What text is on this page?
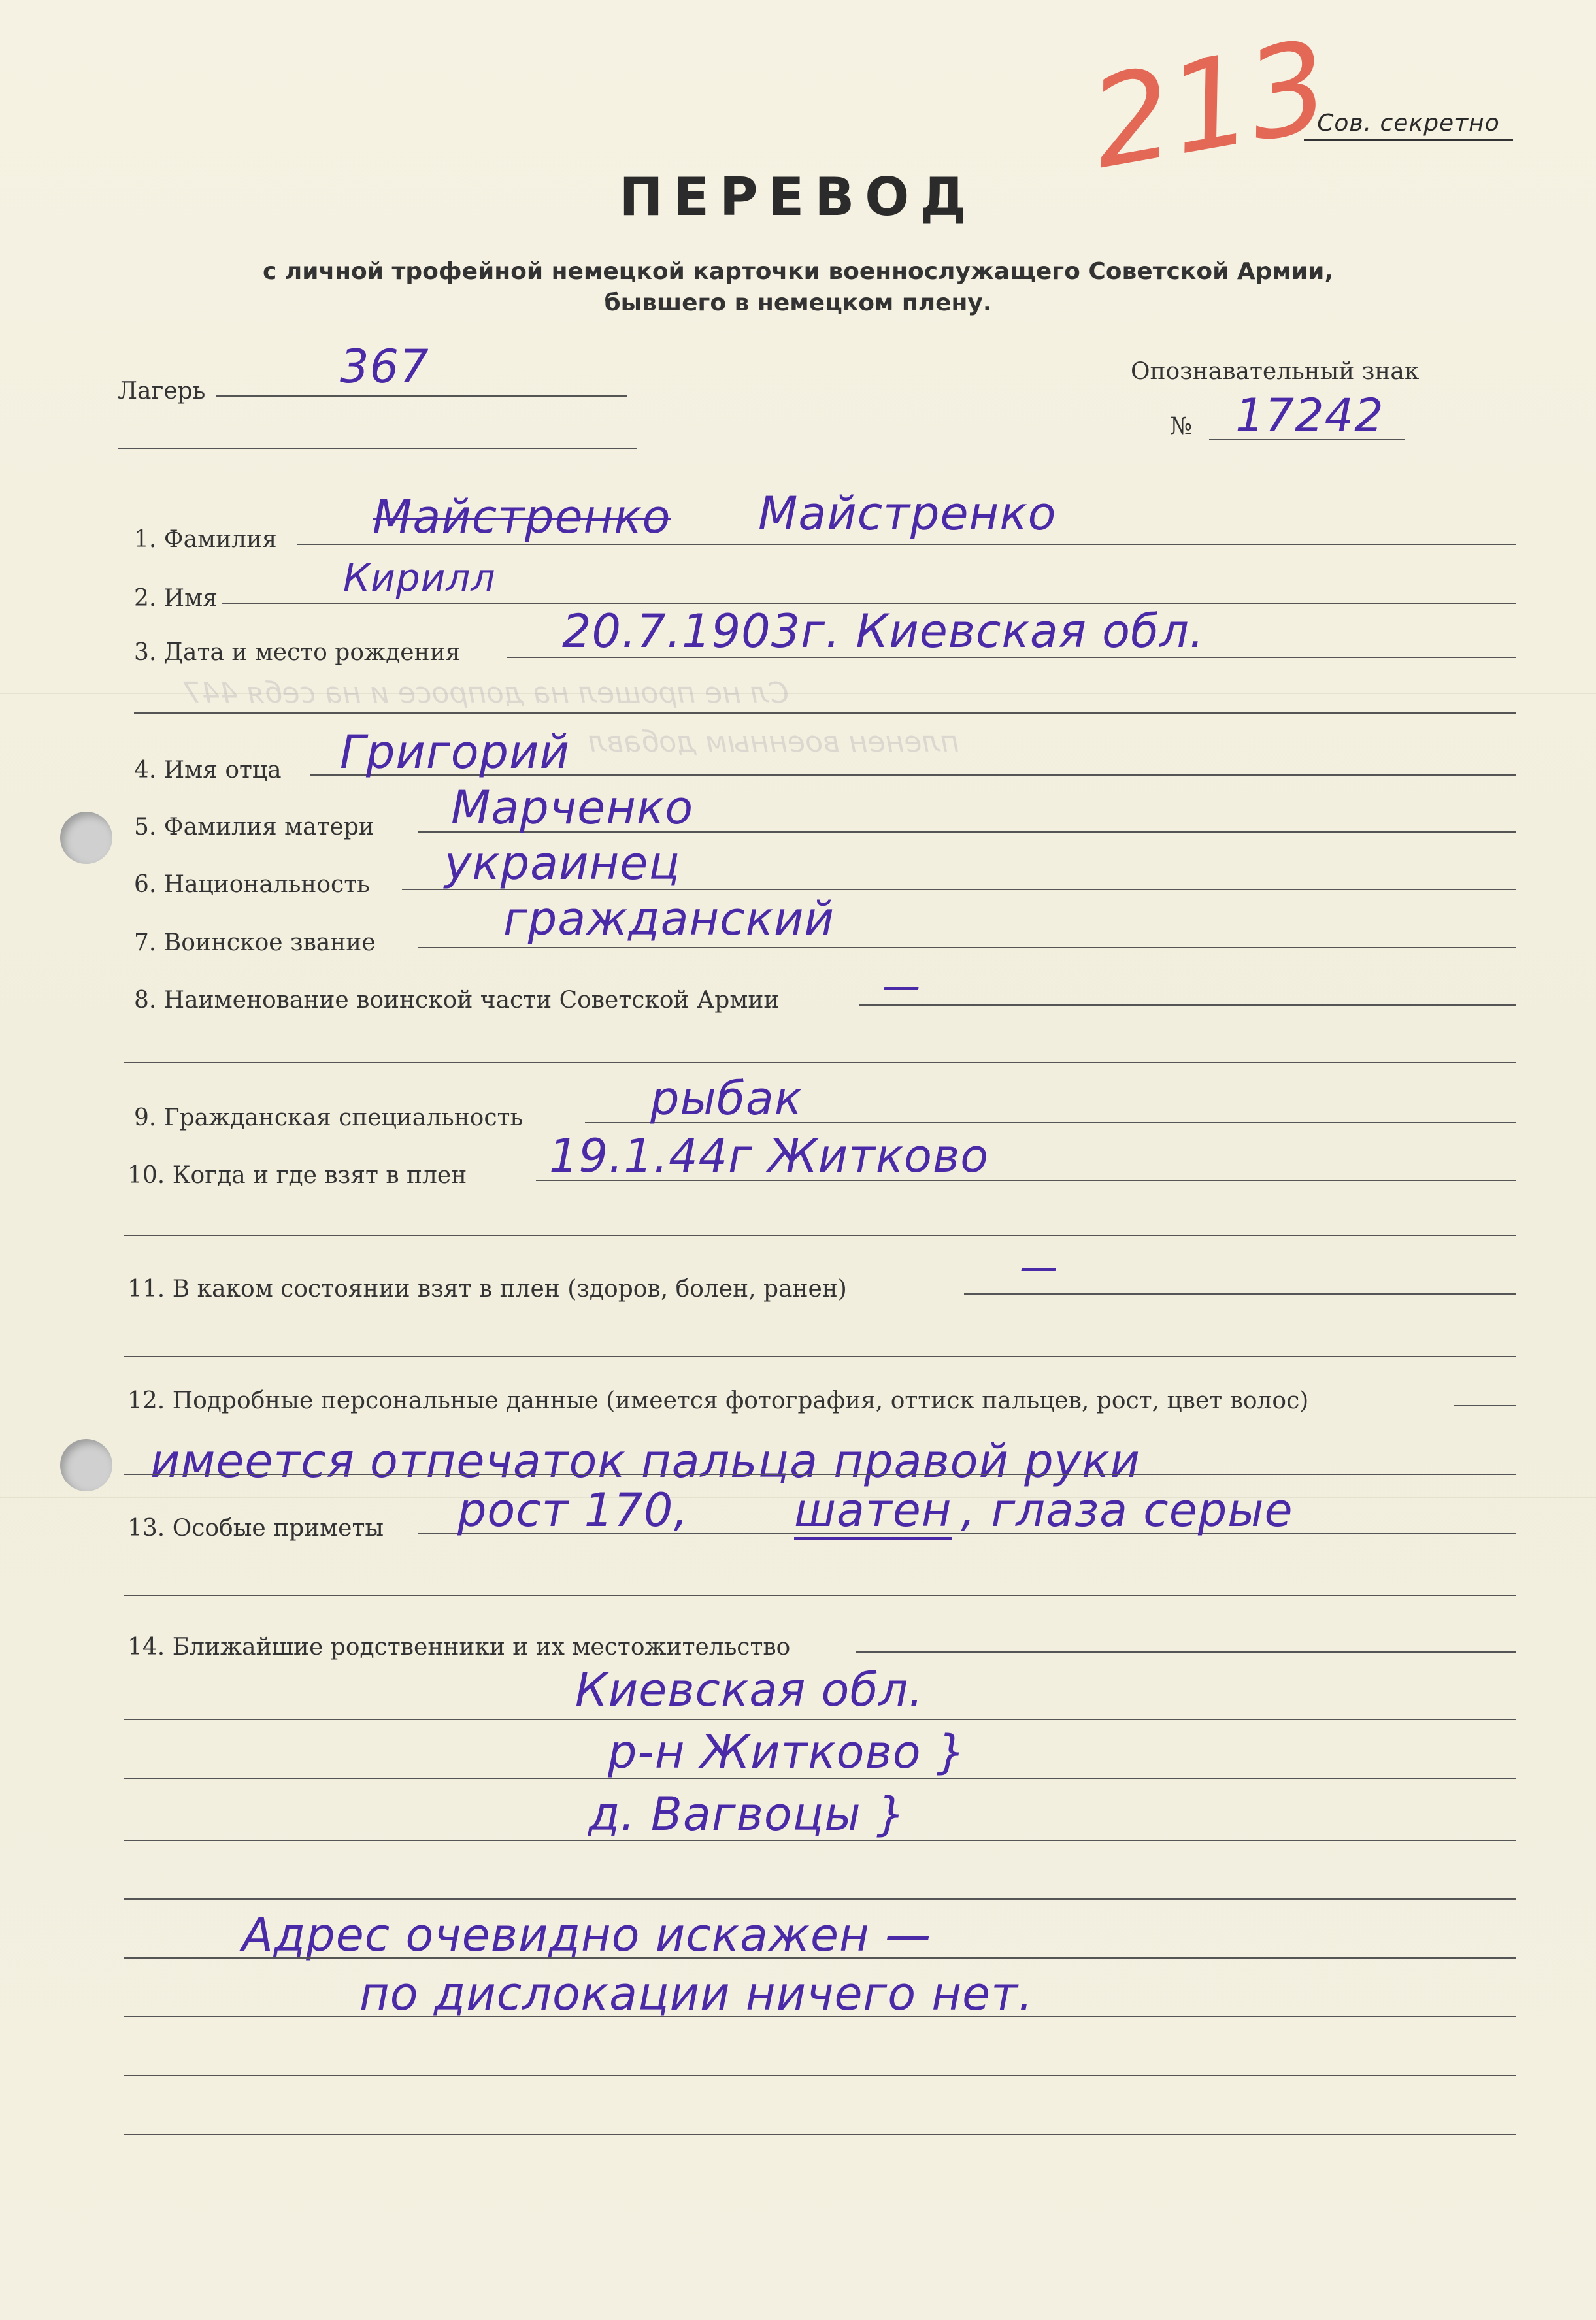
Сл не прошел на допросе и на себя 447
пленен военным добавл
213
Сов. секретно
ПЕРЕВОД
с личной трофейной немецкой карточки военнослужащего Советской Армии,
бывшего в немецком плену.
Лагерь	367	Опознавательный знак
№ 17242
1. Фамилия Майстренко Майстренко
2. Имя	Кирилл
3. Дата и место рождения 20.7.1903г. Киевская обл.
4. Имя отца Григорий
5. Фамилия матери Марченко
6. Национальность украинец
7. Воинское звание	гражданский
8. Наименование воинской части Советской Армии	—
9. Гражданская специальность	рыбак
10. Когда и где взят в плен 19.1.44г Житково
11. В каком состоянии взят в плен (здоров, болен, ранен)	—
12. Подробные персональные данные (имеется фотография, оттиск пальцев, рост, цвет волос)
имеется отпечаток пальца правой руки
13. Особые приметы рост 170, шатен , глаза серые
14. Ближайшие родственники и их местожительство
Киевская обл.
р-н Житково }
д. Вагвоцы }
Адрес очевидно искажен —
по дислокации ничего нет.
